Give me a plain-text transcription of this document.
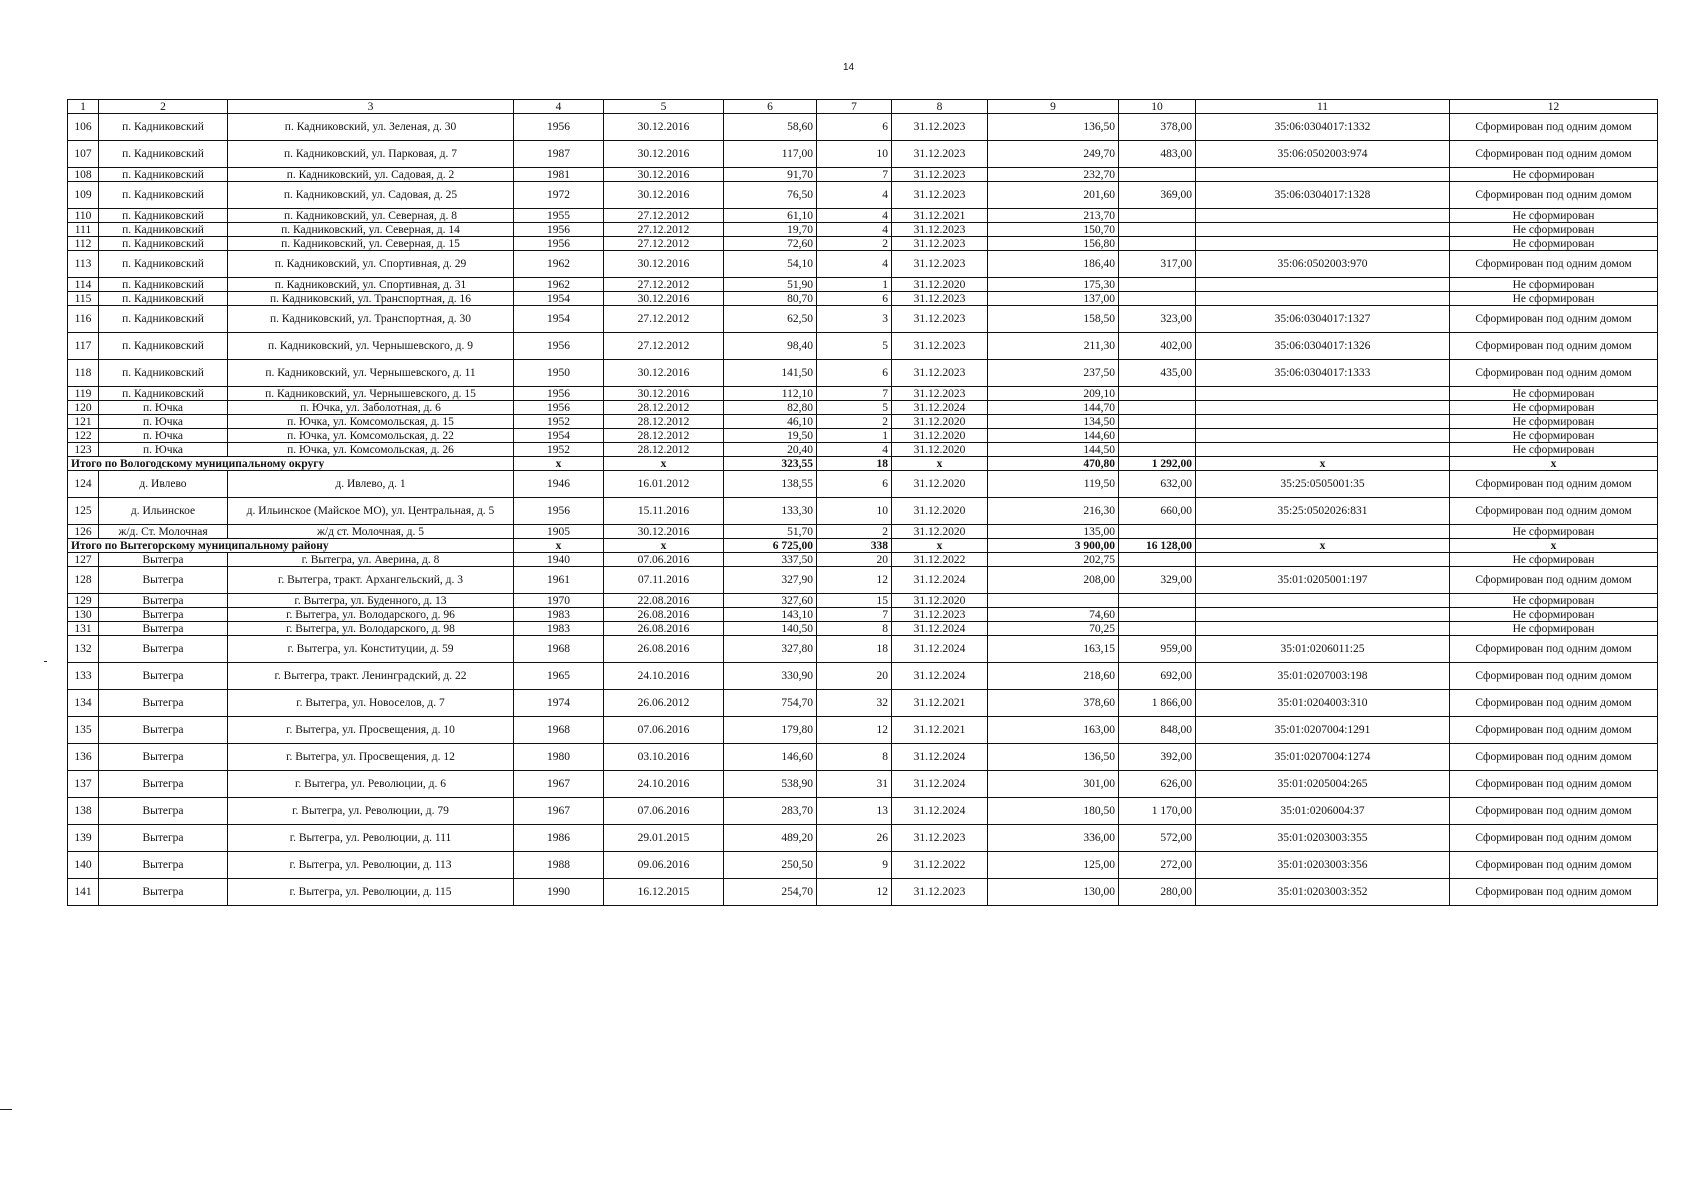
14
1	2	3	4	5	6	7	8	9	10	11	12
106	п. Кадниковский	п. Кадниковский, ул. Зеленая, д. 30	1956	30.12.2016	58,60	6	31.12.2023	136,50	378,00	35:06:0304017:1332	Сформирован под одним домом
107	п. Кадниковский	п. Кадниковский, ул. Парковая, д. 7	1987	30.12.2016	117,00	10	31.12.2023	249,70	483,00	35:06:0502003:974	Сформирован под одним домом
108	п. Кадниковский	п. Кадниковский, ул. Садовая, д. 2	1981	30.12.2016	91,70	7	31.12.2023	232,70			Не сформирован
109	п. Кадниковский	п. Кадниковский, ул. Садовая, д. 25	1972	30.12.2016	76,50	4	31.12.2023	201,60	369,00	35:06:0304017:1328	Сформирован под одним домом
110	п. Кадниковский	п. Кадниковский, ул. Северная, д. 8	1955	27.12.2012	61,10	4	31.12.2021	213,70			Не сформирован
111	п. Кадниковский	п. Кадниковский, ул. Северная, д. 14	1956	27.12.2012	19,70	4	31.12.2023	150,70			Не сформирован
112	п. Кадниковский	п. Кадниковский, ул. Северная, д. 15	1956	27.12.2012	72,60	2	31.12.2023	156,80			Не сформирован
113	п. Кадниковский	п. Кадниковский, ул. Спортивная, д. 29	1962	30.12.2016	54,10	4	31.12.2023	186,40	317,00	35:06:0502003:970	Сформирован под одним домом
114	п. Кадниковский	п. Кадниковский, ул. Спортивная, д. 31	1962	27.12.2012	51,90	1	31.12.2020	175,30			Не сформирован
115	п. Кадниковский	п. Кадниковский, ул. Транспортная, д. 16	1954	30.12.2016	80,70	6	31.12.2023	137,00			Не сформирован
116	п. Кадниковский	п. Кадниковский, ул. Транспортная, д. 30	1954	27.12.2012	62,50	3	31.12.2023	158,50	323,00	35:06:0304017:1327	Сформирован под одним домом
117	п. Кадниковский	п. Кадниковский, ул. Чернышевского, д. 9	1956	27.12.2012	98,40	5	31.12.2023	211,30	402,00	35:06:0304017:1326	Сформирован под одним домом
118	п. Кадниковский	п. Кадниковский, ул. Чернышевского, д. 11	1950	30.12.2016	141,50	6	31.12.2023	237,50	435,00	35:06:0304017:1333	Сформирован под одним домом
119	п. Кадниковский	п. Кадниковский, ул. Чернышевского, д. 15	1956	30.12.2016	112,10	7	31.12.2023	209,10			Не сформирован
120	п. Ючка	п. Ючка, ул. Заболотная, д. 6	1956	28.12.2012	82,80	5	31.12.2024	144,70			Не сформирован
121	п. Ючка	п. Ючка, ул. Комсомольская, д. 15	1952	28.12.2012	46,10	2	31.12.2020	134,50			Не сформирован
122	п. Ючка	п. Ючка, ул. Комсомольская, д. 22	1954	28.12.2012	19,50	1	31.12.2020	144,60			Не сформирован
123	п. Ючка	п. Ючка, ул. Комсомольская, д. 26	1952	28.12.2012	20,40	4	31.12.2020	144,50			Не сформирован
Итого по Вологодскому муниципальному округу			x	x	323,55	18	x	470,80	1 292,00	x	x
124	д. Ивлево	д. Ивлево, д. 1	1946	16.01.2012	138,55	6	31.12.2020	119,50	632,00	35:25:0505001:35	Сформирован под одним домом
125	д. Ильинское	д. Ильинское (Майское МО), ул. Центральная, д. 5	1956	15.11.2016	133,30	10	31.12.2020	216,30	660,00	35:25:0502026:831	Сформирован под одним домом
126	ж/д. Ст. Молочная	ж/д ст. Молочная, д. 5	1905	30.12.2016	51,70	2	31.12.2020	135,00			Не сформирован
Итого по Вытегорскому муниципальному району			x	x	6 725,00	338	x	3 900,00	16 128,00	x	x
127	Вытегра	г. Вытегра, ул. Аверина, д. 8	1940	07.06.2016	337,50	20	31.12.2022	202,75			Не сформирован
128	Вытегра	г. Вытегра, тракт. Архангельский, д. 3	1961	07.11.2016	327,90	12	31.12.2024	208,00	329,00	35:01:0205001:197	Сформирован под одним домом
129	Вытегра	г. Вытегра, ул. Буденного, д. 13	1970	22.08.2016	327,60	15	31.12.2020				Не сформирован
130	Вытегра	г. Вытегра, ул. Володарского, д. 96	1983	26.08.2016	143,10	7	31.12.2023	74,60			Не сформирован
131	Вытегра	г. Вытегра, ул. Володарского, д. 98	1983	26.08.2016	140,50	8	31.12.2024	70,25			Не сформирован
132	Вытегра	г. Вытегра, ул. Конституции, д. 59	1968	26.08.2016	327,80	18	31.12.2024	163,15	959,00	35:01:0206011:25	Сформирован под одним домом
133	Вытегра	г. Вытегра, тракт. Ленинградский, д. 22	1965	24.10.2016	330,90	20	31.12.2024	218,60	692,00	35:01:0207003:198	Сформирован под одним домом
134	Вытегра	г. Вытегра, ул. Новоселов, д. 7	1974	26.06.2012	754,70	32	31.12.2021	378,60	1 866,00	35:01:0204003:310	Сформирован под одним домом
135	Вытегра	г. Вытегра, ул. Просвещения, д. 10	1968	07.06.2016	179,80	12	31.12.2021	163,00	848,00	35:01:0207004:1291	Сформирован под одним домом
136	Вытегра	г. Вытегра, ул. Просвещения, д. 12	1980	03.10.2016	146,60	8	31.12.2024	136,50	392,00	35:01:0207004:1274	Сформирован под одним домом
137	Вытегра	г. Вытегра, ул. Революции, д. 6	1967	24.10.2016	538,90	31	31.12.2024	301,00	626,00	35:01:0205004:265	Сформирован под одним домом
138	Вытегра	г. Вытегра, ул. Революции, д. 79	1967	07.06.2016	283,70	13	31.12.2024	180,50	1 170,00	35:01:0206004:37	Сформирован под одним домом
139	Вытегра	г. Вытегра, ул. Революции, д. 111	1986	29.01.2015	489,20	26	31.12.2023	336,00	572,00	35:01:0203003:355	Сформирован под одним домом
140	Вытегра	г. Вытегра, ул. Революции, д. 113	1988	09.06.2016	250,50	9	31.12.2022	125,00	272,00	35:01:0203003:356	Сформирован под одним домом
141	Вытегра	г. Вытегра, ул. Революции, д. 115	1990	16.12.2015	254,70	12	31.12.2023	130,00	280,00	35:01:0203003:352	Сформирован под одним домом
